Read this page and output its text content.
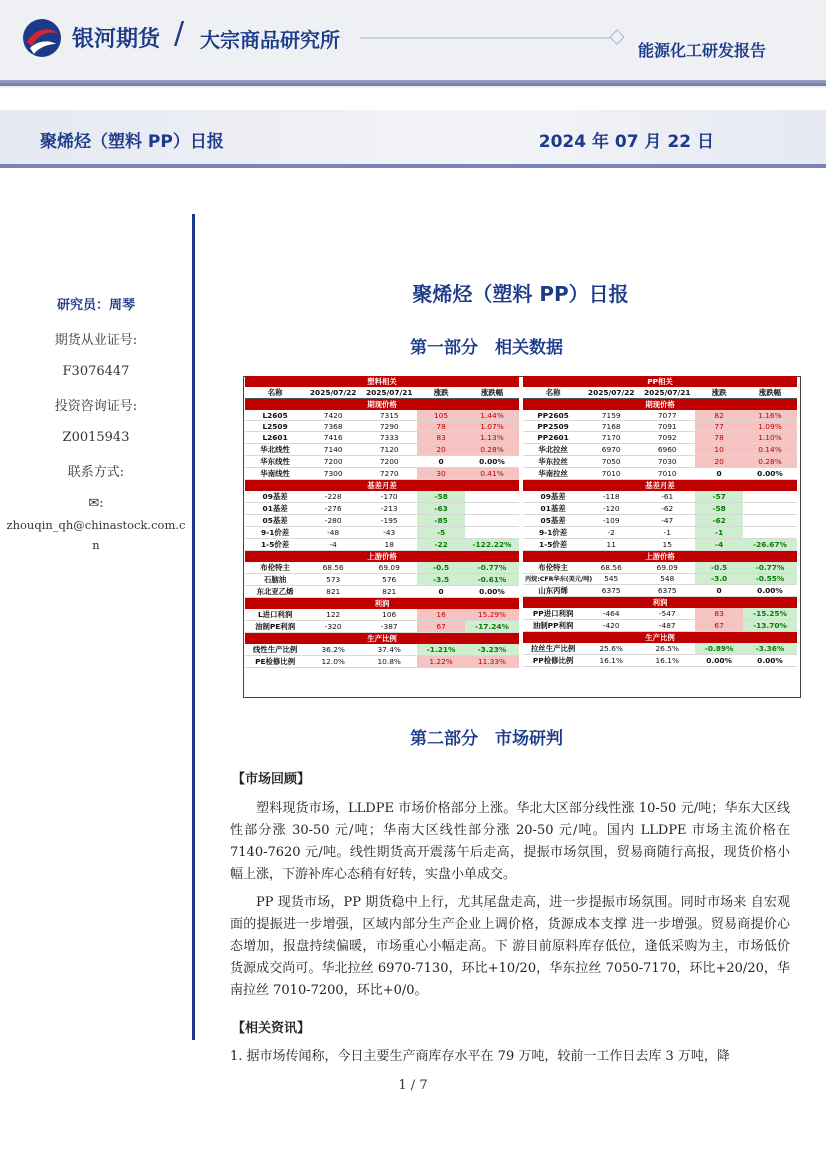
银河期货 / 大宗商品研究所	能源化工研发报告
聚烯烃（塑料 PP）日报	2024 年 07 月 22 日
研究员：周琴
期货从业证号:
F3076447
投资咨询证号:
Z0015943
联系方式:
✉:
zhouqin_qh@chinastock.com.cn
聚烯烃（塑料 PP）日报
第一部分　相关数据
塑料相关				
名称	2025/07/22	2025/07/21	涨跌	涨跌幅
期现价格				
L2605	7420	7315	105	1.44%
L2509	7368	7290	78	1.07%
L2601	7416	7333	83	1.13%
华北线性	7140	7120	20	0.28%
华东线性	7200	7200	0	0.00%
华南线性	7300	7270	30	0.41%
基差月差				
09基差	-228	-170	-58	
01基差	-276	-213	-63	
05基差	-280	-195	-85	
9-1价差	-48	-43	-5	
1-5价差	-4	18	-22	-122.22%
上游价格				
布伦特主	68.56	69.09	-0.5	-0.77%
石脑油	573	576	-3.5	-0.61%
东北亚乙烯	821	821	0	0.00%
利润				
L进口利润	122	106	16	15.29%
油制PE利润	-320	-387	67	-17.24%
生产比例				
线性生产比例	36.2%	37.4%	-1.21%	-3.23%
PE检修比例	12.0%	10.8%	1.22%	11.33%
PP相关				
名称	2025/07/22	2025/07/21	涨跌	涨跌幅
期现价格				
PP2605	7159	7077	82	1.16%
PP2509	7168	7091	77	1.09%
PP2601	7170	7092	78	1.10%
华北拉丝	6970	6960	10	0.14%
华东拉丝	7050	7030	20	0.28%
华南拉丝	7010	7010	0	0.00%
基差月差				
09基差	-118	-61	-57	
01基差	-120	-62	-58	
05基差	-109	-47	-62	
9-1价差	-2	-1	-1	
1-5价差	11	15	-4	-26.67%
上游价格				
布伦特主	68.56	69.09	-0.5	-0.77%
丙烷:CFR华东(美元/吨)	545	548	-3.0	-0.55%
山东丙烯	6375	6375	0	0.00%
利润				
PP进口利润	-464	-547	83	-15.25%
油制PP利润	-420	-487	67	-13.70%
生产比例				
拉丝生产比例	25.6%	26.5%	-0.89%	-3.36%
PP检修比例	16.1%	16.1%	0.00%	0.00%
第二部分　市场研判
【市场回顾】
塑料现货市场，LLDPE 市场价格部分上涨。华北大区部分线性涨 10-50 元/吨；华东大区线性部分涨 30-50 元/吨；华南大区线性部分涨 20-50 元/吨。国内 LLDPE 市场主流价格在 7140-7620 元/吨。线性期货高开震荡午后走高，提振市场氛围，贸易商随行高报，现货价格小幅上涨，下游补库心态稍有好转，实盘小单成交。
PP 现货市场，PP 期货稳中上行，尤其尾盘走高，进一步提振市场氛围。同时市场来 自宏观面的提振进一步增强，区域内部分生产企业上调价格，货源成本支撑 进一步增强。贸易商提价心态增加，报盘持续偏暖，市场重心小幅走高。下 游目前原料库存低位，逢低采购为主，市场低价货源成交尚可。华北拉丝 6970-7130，环比+10/20，华东拉丝 7050-7170，环比+20/20，华南拉丝 7010-7200，环比+0/0。
【相关资讯】
1. 据市场传闻称，今日主要生产商库存水平在 79 万吨，较前一工作日去库 3 万吨，降
1 / 7
